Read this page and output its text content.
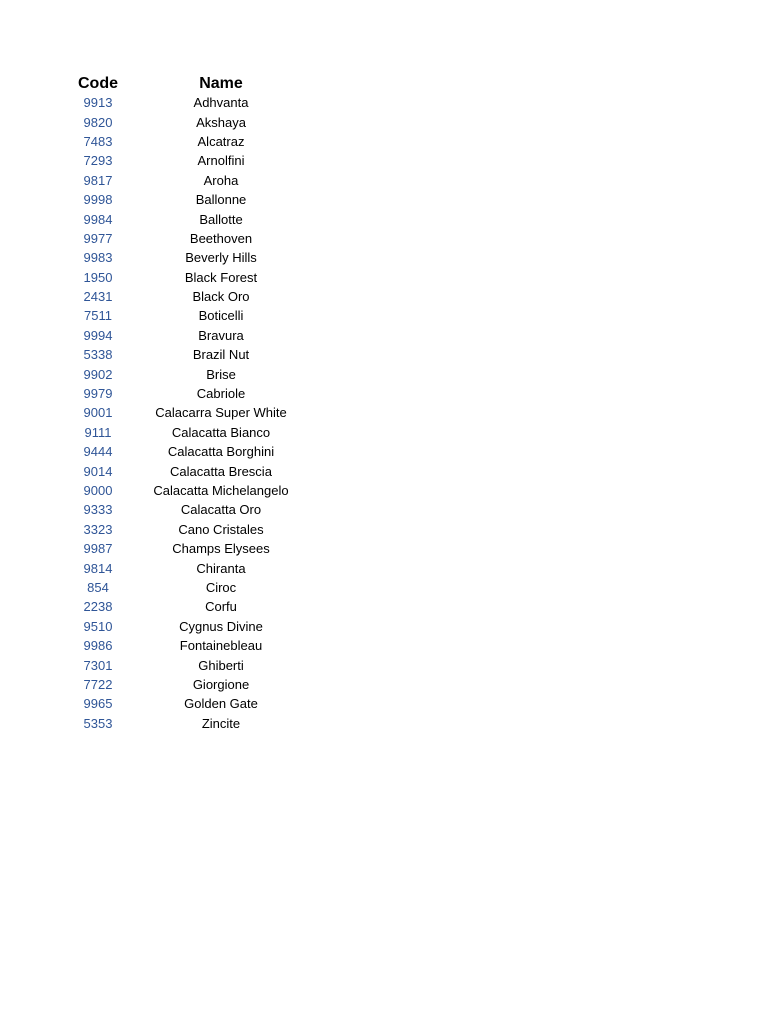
Code	Name
9913	Adhvanta
9820	Akshaya
7483	Alcatraz
7293	Arnolfini
9817	Aroha
9998	Ballonne
9984	Ballotte
9977	Beethoven
9983	Beverly Hills
1950	Black Forest
2431	Black Oro
7511	Boticelli
9994	Bravura
5338	Brazil Nut
9902	Brise
9979	Cabriole
9001	Calacarra Super White
9111	Calacatta Bianco
9444	Calacatta Borghini
9014	Calacatta Brescia
9000	Calacatta Michelangelo
9333	Calacatta Oro
3323	Cano Cristales
9987	Champs Elysees
9814	Chiranta
854	Ciroc
2238	Corfu
9510	Cygnus Divine
9986	Fontainebleau
7301	Ghiberti
7722	Giorgione
9965	Golden Gate
5353	Zincite
